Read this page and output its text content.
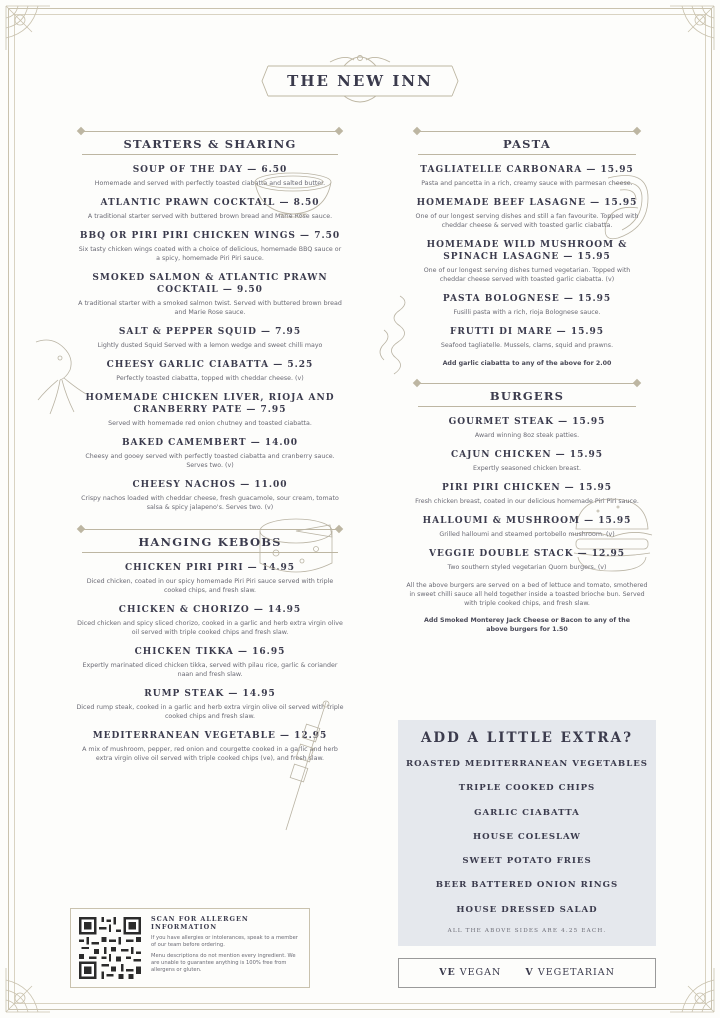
THE NEW INN
STARTERS & SHARING
SOUP OF THE DAY — 6.50
Homemade and served with perfectly toasted ciabatta and salted butter.
ATLANTIC PRAWN COCKTAIL — 8.50
A traditional starter served with buttered brown bread and Marie Rose sauce.
BBQ OR PIRI PIRI CHICKEN WINGS — 7.50
Six tasty chicken wings coated with a choice of delicious, homemade BBQ sauce or a spicy, homemade Piri Piri sauce.
SMOKED SALMON & ATLANTIC PRAWN COCKTAIL — 9.50
A traditional starter with a smoked salmon twist. Served with buttered brown bread and Marie Rose sauce.
SALT & PEPPER SQUID — 7.95
Lightly dusted Squid Served with a lemon wedge and sweet chilli mayo
CHEESY GARLIC CIABATTA — 5.25
Perfectly toasted ciabatta, topped with cheddar cheese. (v)
HOMEMADE CHICKEN LIVER, RIOJA AND CRANBERRY PATE — 7.95
Served with homemade red onion chutney and toasted ciabatta.
BAKED CAMEMBERT — 14.00
Cheesy and gooey served with perfectly toasted ciabatta and cranberry sauce. Serves two. (v)
CHEESY NACHOS — 11.00
Crispy nachos loaded with cheddar cheese, fresh guacamole, sour cream, tomato salsa & spicy jalapeno's. Serves two. (v)
HANGING KEBOBS
CHICKEN PIRI PIRI — 14.95
Diced chicken, coated in our spicy homemade Piri Piri sauce served with triple cooked chips, and fresh slaw.
CHICKEN & CHORIZO — 14.95
Diced chicken and spicy sliced chorizo, cooked in a garlic and herb extra virgin olive oil served with triple cooked chips and fresh slaw.
CHICKEN TIKKA — 16.95
Expertly marinated diced chicken tikka, served with pilau rice, garlic & coriander naan and fresh slaw.
RUMP STEAK — 14.95
Diced rump steak, cooked in a garlic and herb extra virgin olive oil served with triple cooked chips and fresh slaw.
MEDITERRANEAN VEGETABLE — 12.95
A mix of mushroom, pepper, red onion and courgette cooked in a garlic and herb extra virgin olive oil served with triple cooked chips (ve), and fresh slaw.
SCAN FOR ALLERGEN INFORMATION
If you have allergies or intolerances, speak to a member of our team before ordering.
Menu descriptions do not mention every ingredient. We are unable to guarantee anything is 100% free from allergens or gluten.
PASTA
TAGLIATELLE CARBONARA — 15.95
Pasta and pancetta in a rich, creamy sauce with parmesan cheese.
HOMEMADE BEEF LASAGNE — 15.95
One of our longest serving dishes and still a fan favourite. Topped with cheddar cheese & served with toasted garlic ciabatta.
HOMEMADE WILD MUSHROOM & SPINACH LASAGNE — 15.95
One of our longest serving dishes turned vegetarian. Topped with cheddar cheese served with toasted garlic ciabatta. (v)
PASTA BOLOGNESE — 15.95
Fusilli pasta with a rich, rioja Bolognese sauce.
FRUTTI DI MARE — 15.95
Seafood tagliatelle. Mussels, clams, squid and prawns.
Add garlic ciabatta to any of the above for 2.00
BURGERS
GOURMET STEAK — 15.95
Award winning 8oz steak patties.
CAJUN CHICKEN — 15.95
Expertly seasoned chicken breast.
PIRI PIRI CHICKEN — 15.95
Fresh chicken breast, coated in our delicious homemade Piri Piri sauce.
HALLOUMI & MUSHROOM — 15.95
Grilled halloumi and steamed portobello mushroom. (v)
VEGGIE DOUBLE STACK — 12.95
Two southern styled vegetarian Quorn burgers. (v)
All the above burgers are served on a bed of lettuce and tomato, smothered in sweet chilli sauce all held together inside a toasted brioche bun. Served with triple cooked chips, and fresh slaw.
Add Smoked Monterey Jack Cheese or Bacon to any of the above burgers for 1.50
ADD A LITTLE EXTRA?
ROASTED MEDITERRANEAN VEGETABLES
TRIPLE COOKED CHIPS
GARLIC CIABATTA
HOUSE COLESLAW
SWEET POTATO FRIES
BEER BATTERED ONION RINGS
HOUSE DRESSED SALAD
ALL THE ABOVE SIDES ARE 4.25 EACH.
VE VEGAN	V VEGETARIAN
